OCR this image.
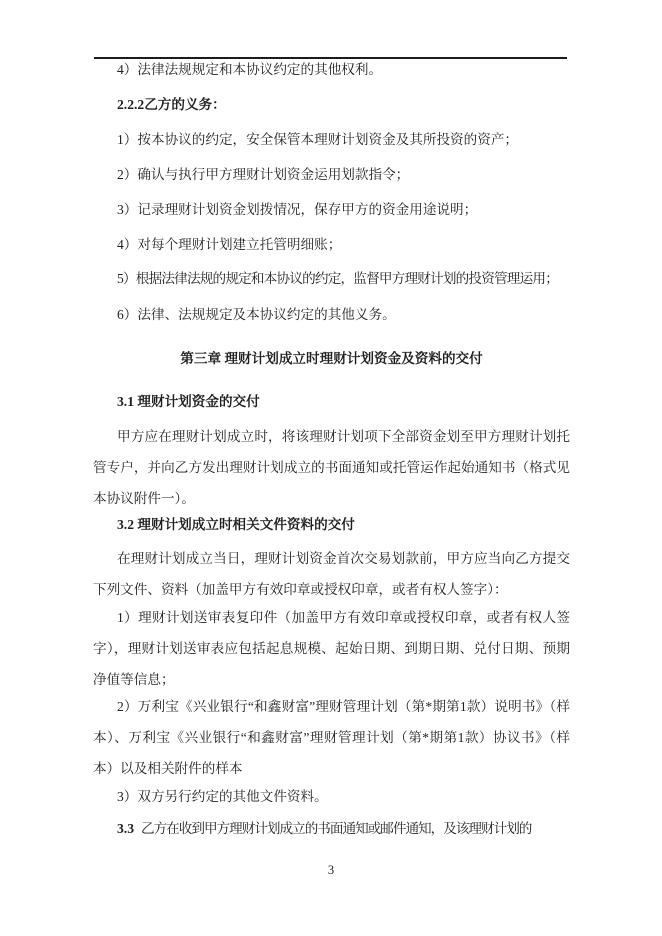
4）法律法规规定和本协议约定的其他权利。

2.2.2乙方的义务：

1）按本协议的约定，安全保管本理财计划资金及其所投资的资产；

2）确认与执行甲方理财计划资金运用划款指令；

3）记录理财计划资金划拨情况，保存甲方的资金用途说明；

4）对每个理财计划建立托管明细账；

5）根据法律法规的规定和本协议的约定，监督甲方理财计划的投资管理运用；

6）法律、法规规定及本协议约定的其他义务。

第三章 理财计划成立时理财计划资金及资料的交付

3.1 理财计划资金的交付

甲方应在理财计划成立时，将该理财计划项下全部资金划至甲方理财计划托管专户，并向乙方发出理财计划成立的书面通知或托管运作起始通知书（格式见本协议附件一）。

3.2 理财计划成立时相关文件资料的交付

在理财计划成立当日，理财计划资金首次交易划款前，甲方应当向乙方提交下列文件、资料（加盖甲方有效印章或授权印章，或者有权人签字）：

1）理财计划送审表复印件（加盖甲方有效印章或授权印章，或者有权人签字），理财计划送审表应包括起息规模、起始日期、到期日期、兑付日期、预期净值等信息；

2）万利宝《兴业银行“和鑫财富”理财管理计划（第*期第1款）说明书》（样本）、万利宝《兴业银行“和鑫财富”理财管理计划（第*期第1款）协议书》（样本）以及相关附件的样本

3）双方另行约定的其他文件资料。

3.3 乙方在收到甲方理财计划成立的书面通知或邮件通知，及该理财计划的

3
